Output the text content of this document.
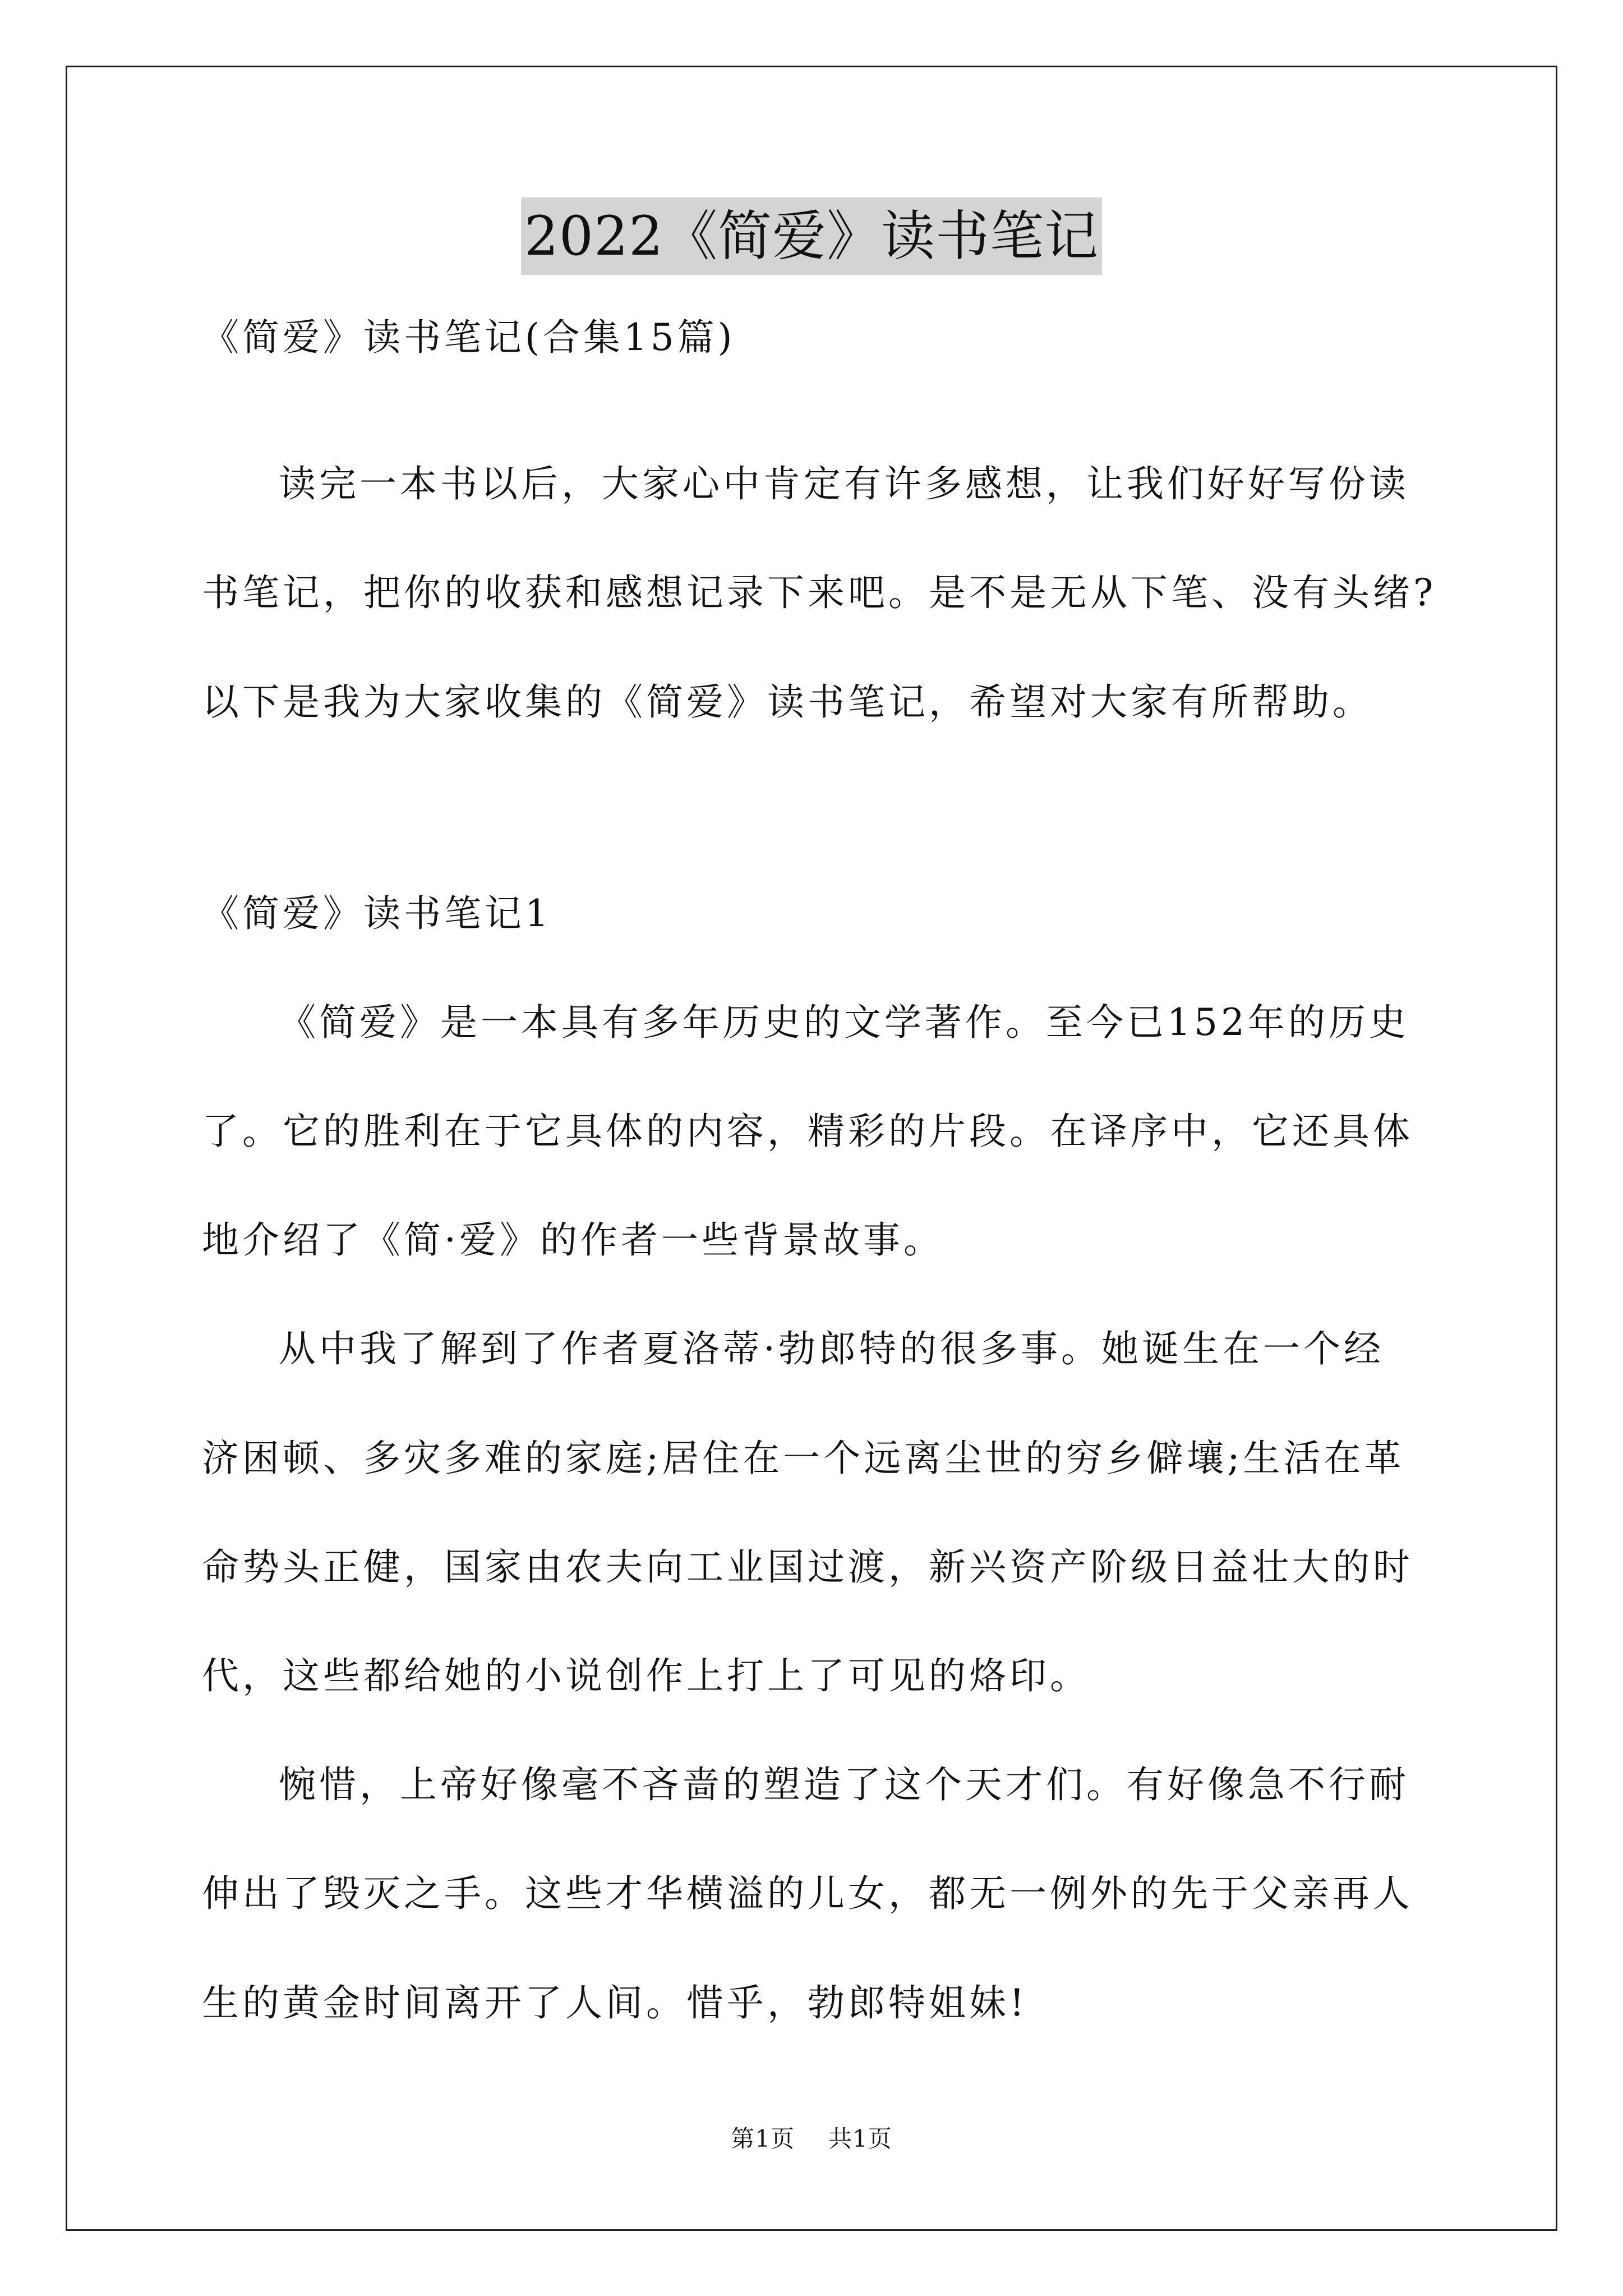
2022《简爱》读书笔记
《简爱》读书笔记(合集15篇)
读完一本书以后，大家心中肯定有许多感想，让我们好好写份读
书笔记，把你的收获和感想记录下来吧。是不是无从下笔、没有头绪?
以下是我为大家收集的《简爱》读书笔记，希望对大家有所帮助。
《简爱》读书笔记1
《简爱》是一本具有多年历史的文学著作。至今已152年的历史
了。它的胜利在于它具体的内容，精彩的片段。在译序中，它还具体
地介绍了《简·爱》的作者一些背景故事。
从中我了解到了作者夏洛蒂·勃郎特的很多事。她诞生在一个经
济困顿、多灾多难的家庭;居住在一个远离尘世的穷乡僻壤;生活在革
命势头正健，国家由农夫向工业国过渡，新兴资产阶级日益壮大的时
代，这些都给她的小说创作上打上了可见的烙印。
惋惜，上帝好像毫不吝啬的塑造了这个天才们。有好像急不行耐
伸出了毁灭之手。这些才华横溢的儿女，都无一例外的先于父亲再人
生的黄金时间离开了人间。惜乎，勃郎特姐妹!
第1页 共1页
